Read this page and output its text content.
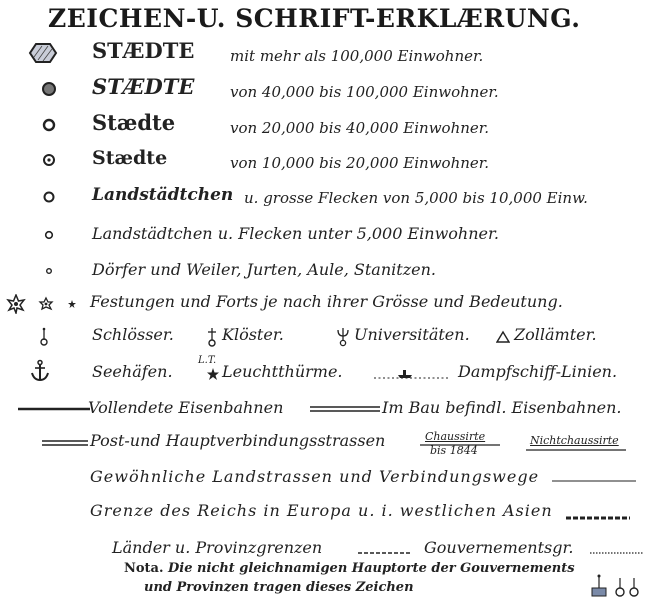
ZEICHEN-U. SCHRIFT-ERKLÆRUNG.
STÆDTE mit mehr als 100,000 Einwohner.
STÆDTE von 40,000 bis 100,000 Einwohner.
Stædte	von 20,000 bis 40,000 Einwohner.
Stædte	von 10,000 bis 20,000 Einwohner.
Landstädtchen u. grosse Flecken von 5,000 bis 10,000 Einw.
Landstädtchen u. Flecken unter 5,000 Einwohner.
Dörfer und Weiler, Jurten, Aule, Stanitzen.
Festungen und Forts je nach ihrer Grösse und Bedeutung.
Schlösser.	Klöster.	Universitäten.	Zollämter.
Seehäfen.
L.T.
Leuchtthürme.	Dampfschiff-Linien.
Vollendete Eisenbahnen	Im Bau befindl. Eisenbahnen.
Post-und Hauptverbindungsstrassen	Chaussirte
bis 1844
Nichtchaussirte
Gewöhnliche Landstrassen und Verbindungswege
Grenze des Reichs in Europa u. i. westlichen Asien
Länder u. Provinzgrenzen	Gouvernementsgr.
Nota. Die nicht gleichnamigen Hauptorte der Gouvernements
und Provinzen tragen dieses Zeichen
